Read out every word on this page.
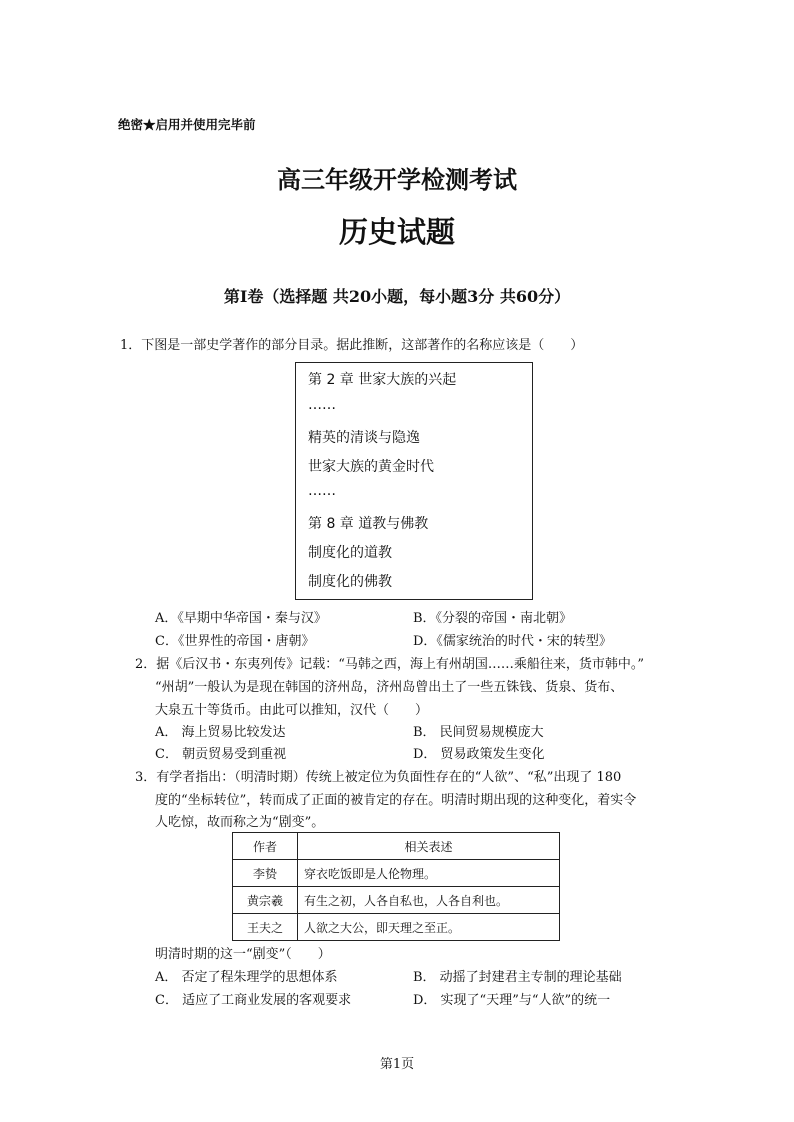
绝密★启用并使用完毕前
高三年级开学检测考试
历史试题
第Ⅰ卷（选择题 共20小题，每小题3分 共60分）
1．下图是一部史学著作的部分目录。据此推断，这部著作的名称应该是（　　）
第 2 章 世家大族的兴起
……
精英的清谈与隐逸
世家大族的黄金时代
……
第 8 章 道教与佛教
制度化的道教
制度化的佛教
A．《早期中华帝国・秦与汉》	B．《分裂的帝国・南北朝》
C．《世界性的帝国・唐朝》	D．《儒家统治的时代・宋的转型》
2．据《后汉书・东夷列传》记载：“马韩之西，海上有州胡国……乘船往来，货市韩中。”
“州胡”一般认为是现在韩国的济州岛，济州岛曾出土了一些五铢钱、货泉、货布、
大泉五十等货币。由此可以推知，汉代（　　）
A． 海上贸易比较发达	B． 民间贸易规模庞大
C． 朝贡贸易受到重视	D． 贸易政策发生变化
3．有学者指出：（明清时期）传统上被定位为负面性存在的“人欲”、“私”出现了 180
度的“坐标转位”，转而成了正面的被肯定的存在。明清时期出现的这种变化，着实令
人吃惊，故而称之为“剧变”。
作者	相关表述
李贽	穿衣吃饭即是人伦物理。
黄宗羲	有生之初，人各自私也，人各自利也。
王夫之	人欲之大公，即天理之至正。
明清时期的这一“剧变”（　　）
A． 否定了程朱理学的思想体系	B． 动摇了封建君主专制的理论基础
C． 适应了工商业发展的客观要求	D． 实现了“天理”与“人欲”的统一
第1页
